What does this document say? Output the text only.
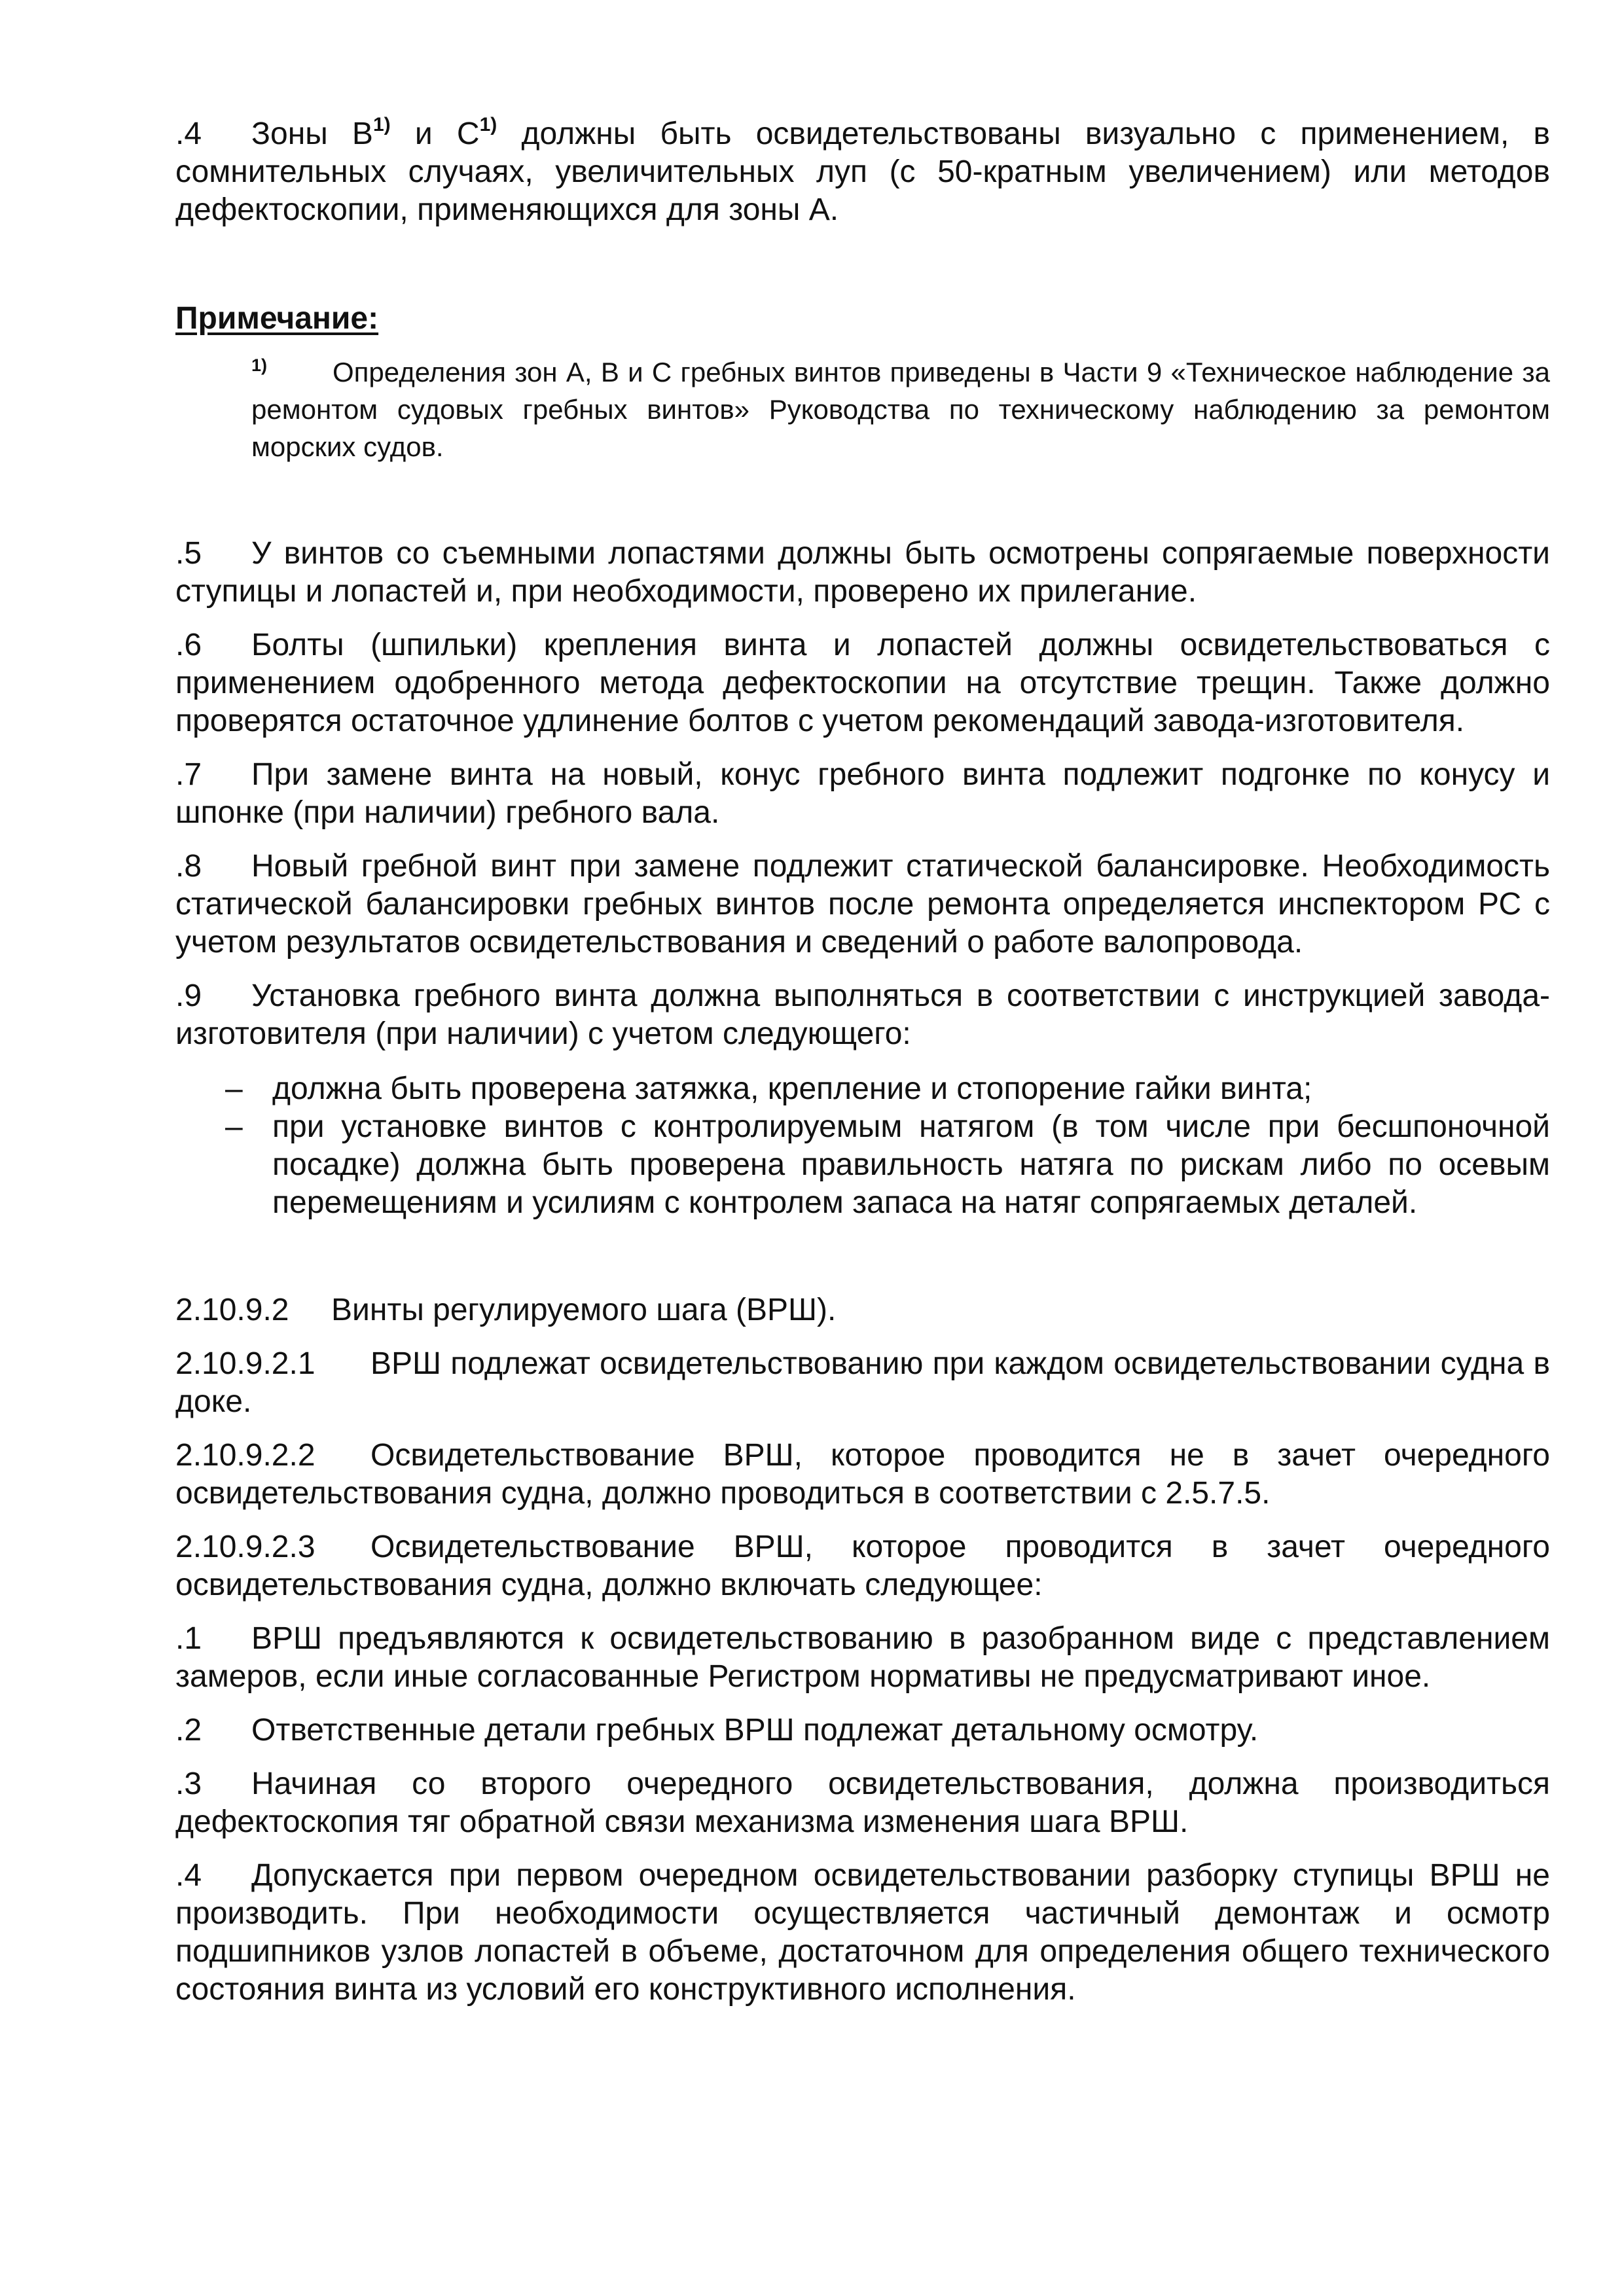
.4 Зоны $В^{1)}$ и $С^{1)}$ должны быть освидетельствованы визуально с применением, в сомнительных случаях, увеличительных луп (с 50-кратным увеличением) или методов дефектоскопии, применяющихся для зоны А.

Примечание:

$^{1)}$ Определения зон А, В и С гребных винтов приведены в Части 9 «Техническое наблюдение за ремонтом судовых гребных винтов» Руководства по техническому наблюдению за ремонтом морских судов.

.5 У винтов со съемными лопастями должны быть осмотрены сопрягаемые поверхности ступицы и лопастей и, при необходимости, проверено их прилегание.

.6 Болты (шпильки) крепления винта и лопастей должны освидетельствоваться с применением одобренного метода дефектоскопии на отсутствие трещин. Также должно проверятся остаточное удлинение болтов с учетом рекомендаций завода-изготовителя.

.7 При замене винта на новый, конус гребного винта подлежит подгонке по конусу и шпонке (при наличии) гребного вала.

.8 Новый гребной винт при замене подлежит статической балансировке. Необходимость статической балансировки гребных винтов после ремонта определяется инспектором РС с учетом результатов освидетельствования и сведений о работе валопровода.

.9 Установка гребного винта должна выполняться в соответствии с инструкцией завода-изготовителя (при наличии) с учетом следующего:

– должна быть проверена затяжка, крепление и стопорение гайки винта;
– при установке винтов с контролируемым натягом (в том числе при бесшпоночной посадке) должна быть проверена правильность натяга по рискам либо по осевым перемещениям и усилиям с контролем запаса на натяг сопрягаемых деталей.

2.10.9.2 Винты регулируемого шага (ВРШ).

2.10.9.2.1 ВРШ подлежат освидетельствованию при каждом освидетельствовании судна в доке.

2.10.9.2.2 Освидетельствование ВРШ, которое проводится не в зачет очередного освидетельствования судна, должно проводиться в соответствии с 2.5.7.5.

2.10.9.2.3 Освидетельствование ВРШ, которое проводится в зачет очередного освидетельствования судна, должно включать следующее:

.1 ВРШ предъявляются к освидетельствованию в разобранном виде с представлением замеров, если иные согласованные Регистром нормативы не предусматривают иное.

.2 Ответственные детали гребных ВРШ подлежат детальному осмотру.

.3 Начиная со второго очередного освидетельствования, должна производиться дефектоскопия тяг обратной связи механизма изменения шага ВРШ.

.4 Допускается при первом очередном освидетельствовании разборку ступицы ВРШ не производить. При необходимости осуществляется частичный демонтаж и осмотр подшипников узлов лопастей в объеме, достаточном для определения общего технического состояния винта из условий его конструктивного исполнения.
